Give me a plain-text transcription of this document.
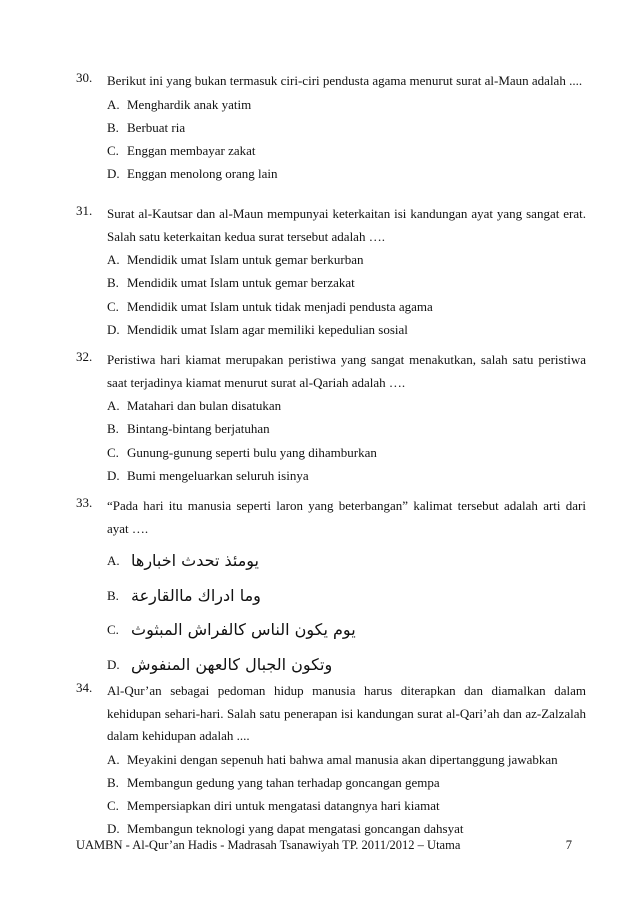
30. Berikut ini yang bukan termasuk ciri-ciri pendusta agama menurut surat al-Maun adalah ....
A. Menghardik anak yatim
B. Berbuat ria
C. Enggan membayar zakat
D. Enggan menolong orang lain
31. Surat al-Kautsar dan al-Maun mempunyai keterkaitan isi kandungan ayat yang sangat erat. Salah satu keterkaitan kedua surat tersebut adalah ….
A. Mendidik umat Islam untuk gemar berkurban
B. Mendidik umat Islam untuk gemar berzakat
C. Mendidik umat Islam untuk tidak menjadi pendusta agama
D. Mendidik umat Islam agar memiliki kepedulian sosial
32. Peristiwa hari kiamat merupakan peristiwa yang sangat menakutkan, salah satu peristiwa saat terjadinya kiamat menurut surat al-Qariah adalah ….
A. Matahari dan bulan disatukan
B. Bintang-bintang berjatuhan
C. Gunung-gunung seperti bulu yang dihamburkan
D. Bumi mengeluarkan seluruh isinya
33. “Pada hari itu manusia seperti laron yang beterbangan” kalimat tersebut adalah arti dari ayat ….
A. يومئذ تحدث اخبارها
B. وما ادراك ماالقارعة
C. يوم يكون الناس كالفراش المبثوث
D. وتكون الجبال كالعهن المنفوش
34. Al-Qur’an sebagai pedoman hidup manusia harus diterapkan dan diamalkan dalam kehidupan sehari-hari. Salah satu penerapan isi kandungan surat al-Qari’ah dan az-Zalzalah dalam kehidupan adalah ....
A. Meyakini dengan sepenuh hati bahwa amal manusia akan dipertanggung jawabkan
B. Membangun gedung yang tahan terhadap goncangan gempa
C. Mempersiapkan diri untuk mengatasi datangnya hari kiamat
D. Membangun teknologi yang dapat mengatasi goncangan dahsyat
UAMBN - Al-Qur’an Hadis - Madrasah Tsanawiyah TP. 2011/2012 – Utama	7
